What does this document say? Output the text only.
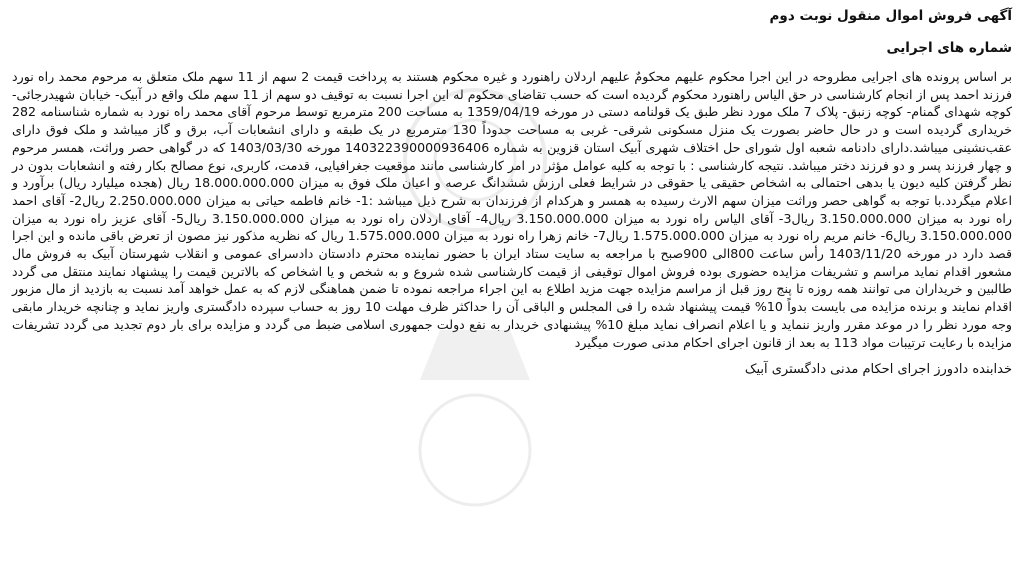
آگهی فروش اموال منقول نوبت دوم
شماره های اجرایی

بر اساس پرونده های اجرایی مطروحه در این اجرا محکوم علیهم محکومٌ علیهم اردلان راهنورد و غیره محکوم هستند به پرداخت قیمت 2 سهم از 11 سهم ملک متعلق به مرحوم محمد راه نورد فرزند احمد پس از انجام کارشناسی در حق الیاس راهنورد محکوم گردیده است که حسب تقاضای محکوم له این اجرا نسبت به توقیف دو سهم از 11 سهم ملک واقع در آبیک- خیابان شهیدرجائی- کوچه شهدای گمنام- کوچه زنبق- پلاک 7 ملک مورد نظر طبق یک قولنامه دستی در مورخه 1359/04/19 به مساحت 200 مترمربع توسط مرحوم آقای محمد راه نورد به شماره شناسنامه 282 خریداری گردیده است و در حال حاضر بصورت یک منزل مسکونی شرقی- غربی به مساحت حدوداً 130 مترمربع در یک طبقه و دارای انشعابات آب، برق و گاز میباشد و ملک فوق دارای عقب‌نشینی میباشد.دارای دادنامه شعبه اول شورای حل اختلاف شهری آبیک استان قزوین به شماره 140322390000936406 مورخه 1403/03/30 که در گواهی حصر وراثت، همسر مرحوم و چهار فرزند پسر و دو فرزند دختر میباشد. نتیجه کارشناسی : با توجه به کلیه عوامل مؤثر در امر کارشناسی مانند موقعیت جغرافیایی، قدمت، کاربری، نوع مصالح بکار رفته و انشعابات بدون در نظر گرفتن کلیه دیون یا بدهی احتمالی به اشخاص حقیقی یا حقوقی در شرایط فعلی ارزش ششدانگ عرصه و اعیان ملک فوق به میزان 18.000.000.000 ریال (هجده میلیارد ریال) برآورد و اعلام میگردد.با توجه به گواهی حصر وراثت میزان سهم الارث رسیده به همسر و هرکدام از فرزندان به شرح ذیل میباشد :1- خانم فاطمه حیاتی به میزان 2.250.000.000 ریال2- آقای احمد راه نورد به میزان 3.150.000.000 ریال3- آقای الیاس راه نورد به میزان 3.150.000.000 ریال4- آقای اردلان راه نورد به میزان 3.150.000.000 ریال5- آقای عزیز راه نورد به میزان 3.150.000.000 ریال6- خانم مریم راه نورد به میزان 1.575.000.000 ریال7- خانم زهرا راه نورد به میزان 1.575.000.000 ریال که نظریه مذکور نیز مصون از تعرض باقی مانده و این اجرا قصد دارد در مورخه 1403/11/20 رأس ساعت 800الی 900صبح با مراجعه به سایت ستاد ایران با حضور نماینده محترم دادستان دادسرای عمومی و انقلاب شهرستان آبیک به فروش مال مشعور اقدام نماید مراسم و تشریفات مزایده حضوری بوده فروش اموال توقیفی از قیمت کارشناسی شده شروع و به شخص و یا اشخاص که بالاترین قیمت را پیشنهاد نمایند منتقل می گردد طالبین و خریداران می توانند همه روزه تا پنج روز قبل از مراسم مزایده جهت مزید اطلاع به این اجراء مراجعه نموده تا ضمن هماهنگی لازم که به عمل خواهد آمد نسبت به بازدید از مال مزبور اقدام نمایند و برنده مزایده می بایست بدواً 10% قیمت پیشنهاد شده را فی المجلس و الباقی آن را حداکثر ظرف مهلت 10 روز به حساب سپرده دادگستری واریز نماید و چنانچه خریدار مابقی وجه مورد نظر را در موعد مقرر واریز ننماید و یا اعلام انصراف نماید مبلغ 10% پیشنهادی خریدار به نفع دولت جمهوری اسلامی ضبط می گردد و مزایده برای بار دوم تجدید می گردد تشریفات مزایده با رعایت ترتیبات مواد 113 به بعد از قانون اجرای احکام مدنی صورت میگیرد

خدابنده دادورز اجرای احکام مدنی دادگستری آبیک
